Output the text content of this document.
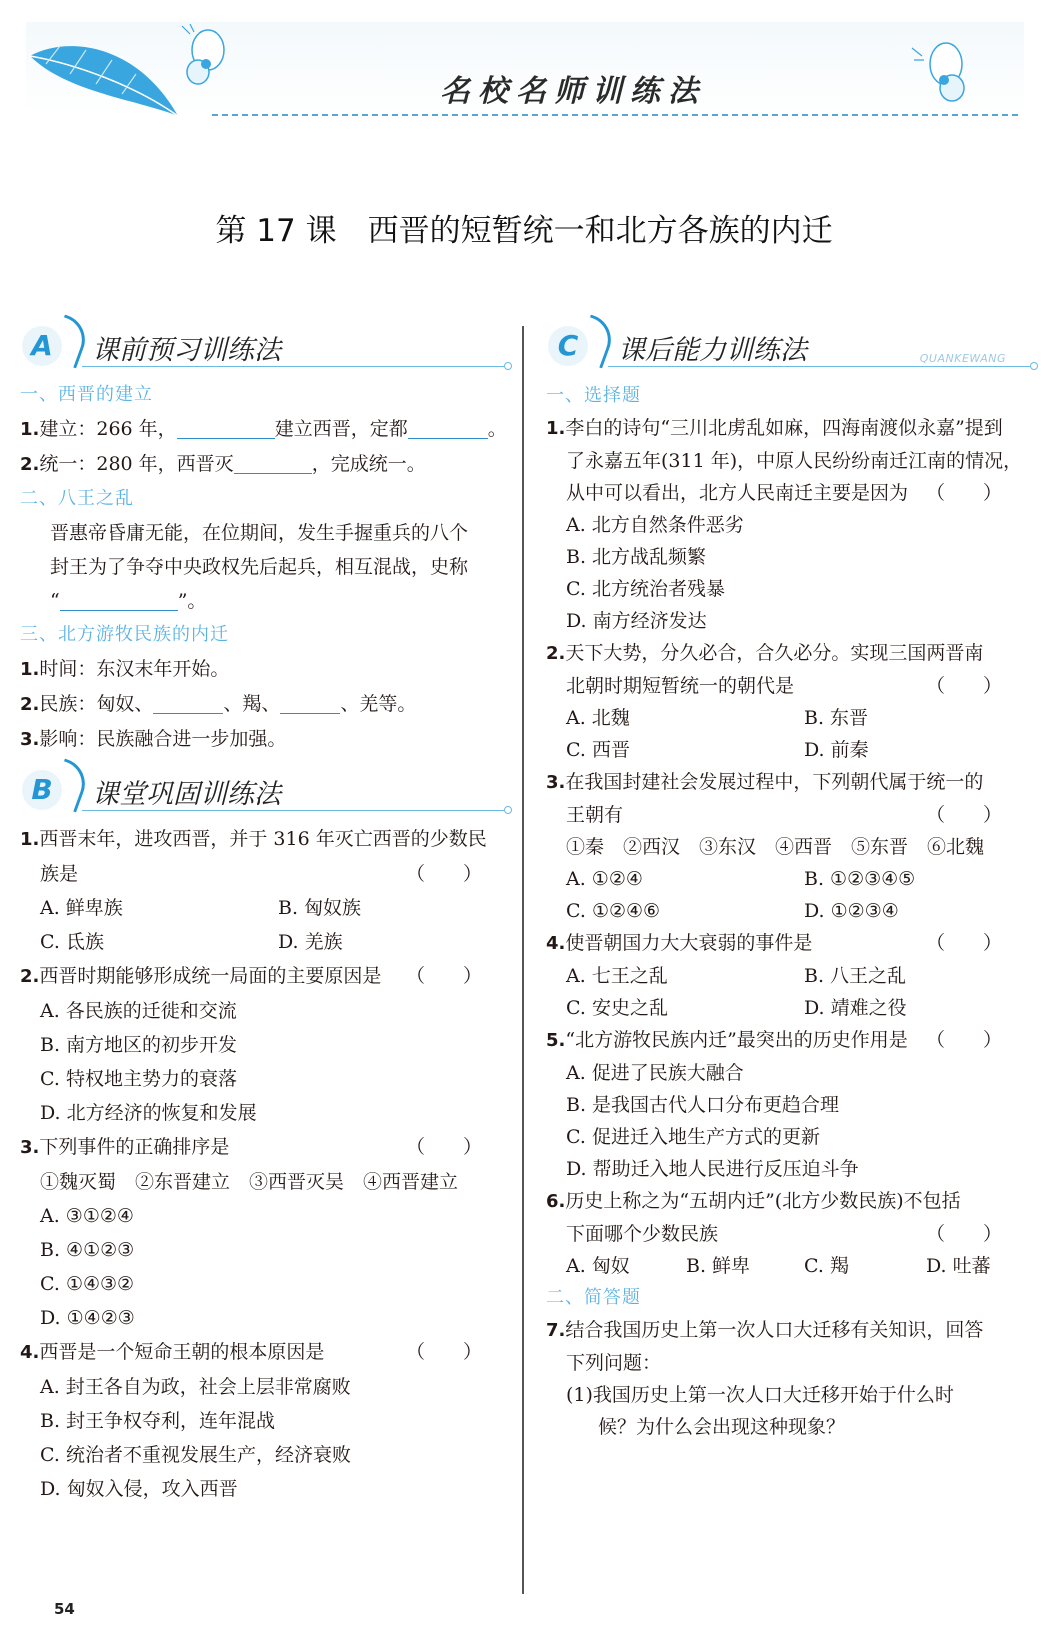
名校名师训练法
第 17 课　西晋的短暂统一和北方各族的内迁
A	课前预习训练法
一、西晋的建立
1.建立：266 年，	建立西晋，定都	。
2.统一：280 年，西晋灭	，完成统一。
二、八王之乱
晋惠帝昏庸无能，在位期间，发生手握重兵的八个
封王为了争夺中央政权先后起兵，相互混战，史称
“	”。
三、北方游牧民族的内迁
1.时间：东汉末年开始。
2.民族：匈奴、	、羯、	、羌等。
3.影响：民族融合进一步加强。
B	课堂巩固训练法
1.西晋末年，进攻西晋，并于 316 年灭亡西晋的少数民
族是	（　　）
A. 鲜卑族	B. 匈奴族
C. 氐族	D. 羌族
2.西晋时期能够形成统一局面的主要原因是 （　　）
A. 各民族的迁徙和交流
B. 南方地区的初步开发
C. 特权地主势力的衰落
D. 北方经济的恢复和发展
3.下列事件的正确排序是	（　　）
①魏灭蜀　②东晋建立　③西晋灭吴　④西晋建立
A. ③①②④
B. ④①②③
C. ①④③②
D. ①④②③
4.西晋是一个短命王朝的根本原因是	（　　）
A. 封王各自为政，社会上层非常腐败
B. 封王争权夺利，连年混战
C. 统治者不重视发展生产，经济衰败
D. 匈奴入侵，攻入西晋
C	课后能力训练法	QUANKEWANG
一、选择题
1.李白的诗句“三川北虏乱如麻，四海南渡似永嘉”提到
了永嘉五年(311 年)，中原人民纷纷南迁江南的情况，
从中可以看出，北方人民南迁主要是因为 （　　）
A. 北方自然条件恶劣
B. 北方战乱频繁
C. 北方统治者残暴
D. 南方经济发达
2.天下大势，分久必合，合久必分。实现三国两晋南
北朝时期短暂统一的朝代是	（　　）
A. 北魏	B. 东晋
C. 西晋	D. 前秦
3.在我国封建社会发展过程中，下列朝代属于统一的
王朝有	（　　）
①秦　②西汉　③东汉　④西晋　⑤东晋　⑥北魏
A. ①②④	B. ①②③④⑤
C. ①②④⑥	D. ①②③④
4.使晋朝国力大大衰弱的事件是	（　　）
A. 七王之乱	B. 八王之乱
C. 安史之乱	D. 靖难之役
5.“北方游牧民族内迁”最突出的历史作用是 （　　）
A. 促进了民族大融合
B. 是我国古代人口分布更趋合理
C. 促进迁入地生产方式的更新
D. 帮助迁入地人民进行反压迫斗争
6.历史上称之为“五胡内迁”(北方少数民族)不包括
下面哪个少数民族	（　　）
A. 匈奴	B. 鲜卑	C. 羯	D. 吐蕃
二、简答题
7.结合我国历史上第一次人口大迁移有关知识，回答
下列问题：
(1)我国历史上第一次人口大迁移开始于什么时
候？为什么会出现这种现象？
54
